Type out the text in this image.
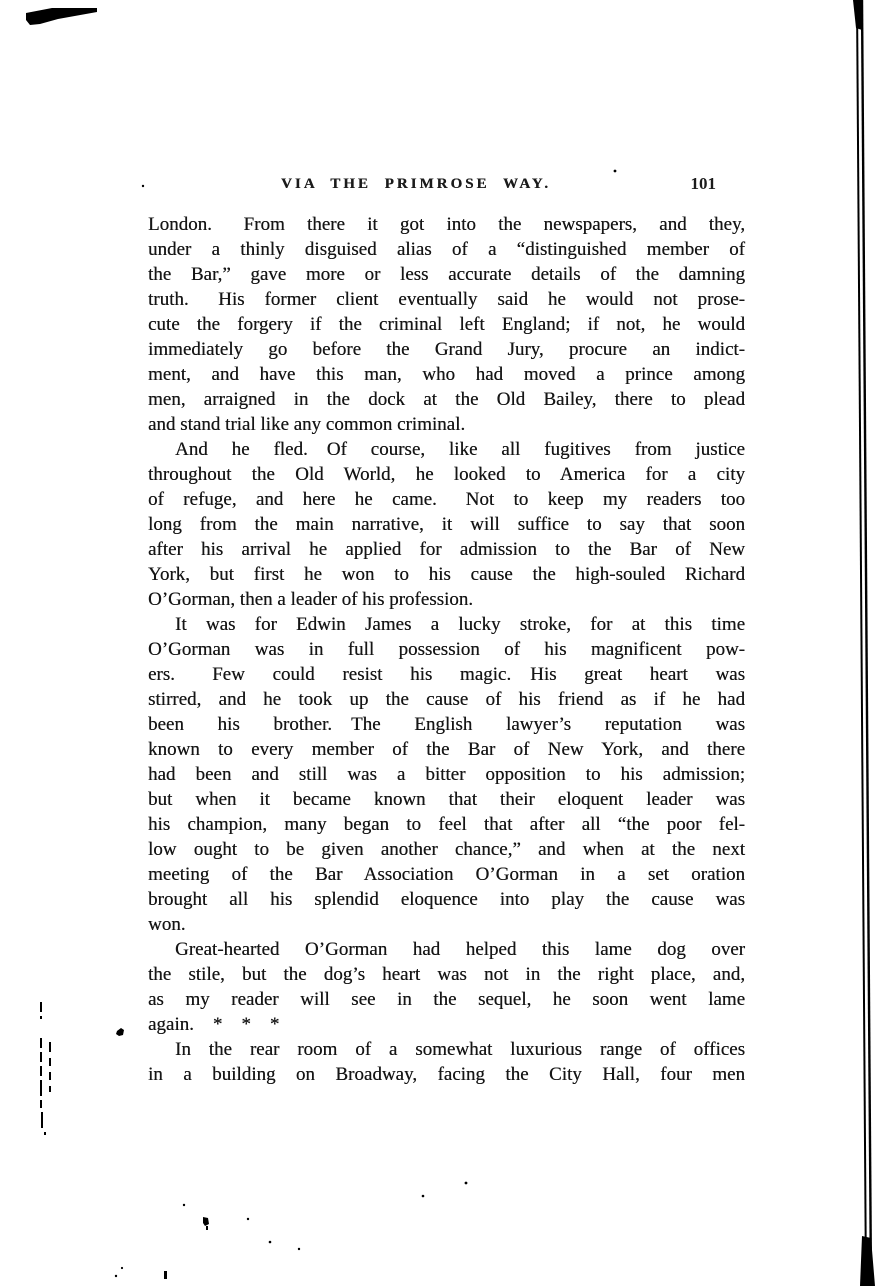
VIA THE PRIMROSE WAY.	101
London.  From there it got into the newspapers, and they,
under a thinly disguised alias of a “distinguished member of
the Bar,” gave more or less accurate details of the damning
truth.  His former client eventually said he would not prose-
cute the forgery if the criminal left England; if not, he would
immediately go before the Grand Jury, procure an indict-
ment, and have this man, who had moved a prince among
men, arraigned in the dock at the Old Bailey, there to plead
and stand trial like any common criminal.
And he fled.  Of course, like all fugitives from justice
throughout the Old World, he looked to America for a city
of refuge, and here he came.  Not to keep my readers too
long from the main narrative, it will suffice to say that soon
after his arrival he applied for admission to the Bar of New
York, but first he won to his cause the high-souled Richard
O’Gorman, then a leader of his profession.
It was for Edwin James a lucky stroke, for at this time
O’Gorman was in full possession of his magnificent pow-
ers.  Few could resist his magic.  His great heart was
stirred, and he took up the cause of his friend as if he had
been his brother.  The English lawyer’s reputation was
known to every member of the Bar of New York, and there
had been and still was a bitter opposition to his admission;
but when it became known that their eloquent leader was
his champion, many began to feel that after all “the poor fel-
low ought to be given another chance,” and when at the next
meeting of the Bar Association O’Gorman in a set oration
brought all his splendid eloquence into play the cause was
won.
Great-hearted O’Gorman had helped this lame dog over
the stile, but the dog’s heart was not in the right place, and,
as my reader will see in the sequel, he soon went lame
again.  *  *  *
In the rear room of a somewhat luxurious range of offices
in a building on Broadway, facing the City Hall, four men
